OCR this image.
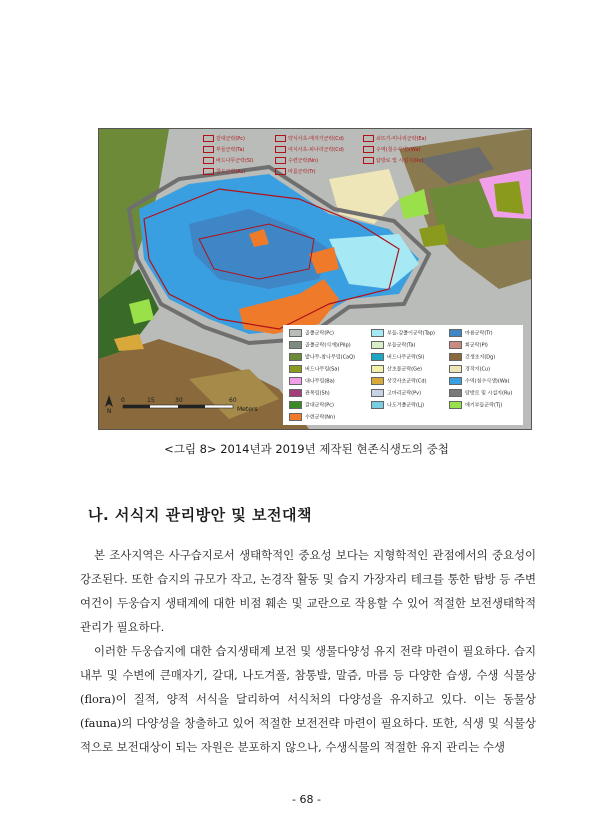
갈대군락(Pc)	약식사초-매자기군락(Cd)	쇠뜨기-미나리군락(Ea)
부들군락(Ta)	여식사초-피나리군락(Cd)	수역(침수식생)(Wa)
버드나무군락(Sl)	수련군락(Nn)	탐방로 및 시설지(Ru)
참도군락(Ac)	마름군락(Tr)
골풀군락(Pc)	부들-갈풀이군락(Tap)	마름군락(Tr)
골풀군락(식재)(Pilp)	부들군락(Ta)	회군락(Pl)
밭나무-참나무림(CaQ)	버드나무군락(Sl)	건생초지(Dg)
버드나무림(Sa)	산초물군락(Ge)	경작지(Cu)
대나무림(Ba)	삿갓사초군락(Cd)	수역(침수식생)(Wa)
관목림(Sh)	고마리군락(Pv)	탐방로 및 시설지(Ru)
갈대군락(Pc)	나도겨풀군락(Lj)	애기부들군락(Tj)
수련군락(Nn)
N
0	15	30	60
Meters
<그림 8> 2014년과 2019년 제작된 현존식생도의 중첩
나. 서식지 관리방안 및 보전대책

본 조사지역은 사구습지로서 생태학적인 중요성 보다는 지형학적인 관점에서의 중요성이 강조된다. 또한 습지의 규모가 작고, 논경작 활동 및 습지 가장자리 테크를 통한 탐방 등 주변 여건이 두웅습지 생태계에 대한 비점 훼손 및 교란으로 작용할 수 있어 적절한 보전생태학적 관리가 필요하다.

이러한 두웅습지에 대한 습지생태계 보전 및 생물다양성 유지 전략 마련이 필요하다. 습지 내부 및 수변에 큰매자기, 갈대, 나도겨풀, 참통발, 말즘, 마름 등 다양한 습생, 수생 식물상(flora)이 질적, 양적 서식을 달리하여 서식처의 다양성을 유지하고 있다. 이는 동물상(fauna)의 다양성을 창출하고 있어 적절한 보전전략 마련이 필요하다. 또한, 식생 및 식물상적으로 보전대상이 되는 자원은 분포하지 않으나, 수생식물의 적절한 유지 관리는 수생

- 68 -
